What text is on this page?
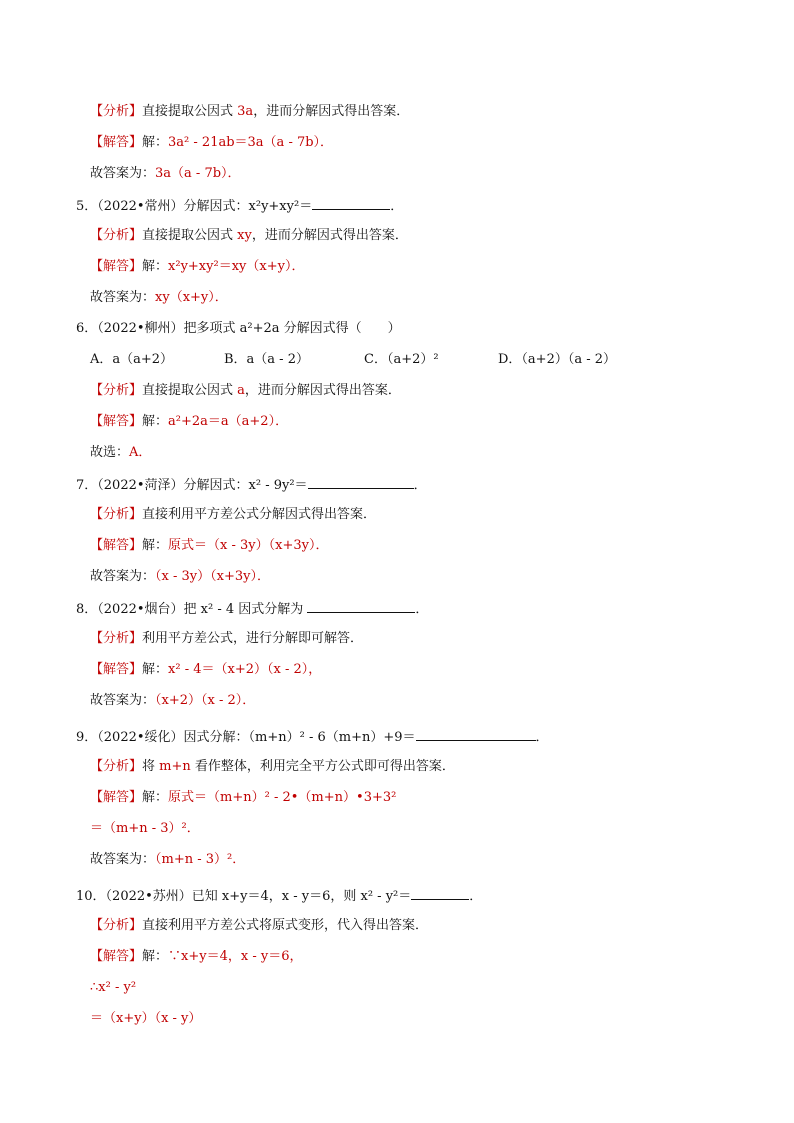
【分析】直接提取公因式 3a，进而分解因式得出答案．
【解答】解：3a² - 21ab＝3a（a - 7b）．
故答案为：3a（a - 7b）．
5．（2022•常州）分解因式：x²y+xy²＝	．
【分析】直接提取公因式 xy，进而分解因式得出答案．
【解答】解：x²y+xy²＝xy（x+y）．
故答案为：xy（x+y）．
6．（2022•柳州）把多项式 a²+2a 分解因式得（　　）
【分析】直接提取公因式 a，进而分解因式得出答案．
【解答】解：a²+2a＝a（a+2）．
故选：A．
7．（2022•菏泽）分解因式：x² - 9y²＝	．
【分析】直接利用平方差公式分解因式得出答案．
【解答】解：原式＝（x - 3y）（x+3y）．
故答案为：（x - 3y）（x+3y）．
8．（2022•烟台）把 x² - 4 因式分解为	．
【分析】利用平方差公式，进行分解即可解答．
【解答】解：x² - 4＝（x+2）（x - 2），
故答案为：（x+2）（x - 2）．
9．（2022•绥化）因式分解：（m+n）² - 6（m+n）+9＝	．
【分析】将 m+n 看作整体，利用完全平方公式即可得出答案．
【解答】解：原式＝（m+n）² - 2•（m+n）•3+3²
＝（m+n - 3）²．
故答案为：（m+n - 3）²．
10．（2022•苏州）已知 x+y＝4，x - y＝6，则 x² - y²＝	．
【分析】直接利用平方差公式将原式变形，代入得出答案．
【解答】解：∵x+y＝4，x - y＝6，
∴x² - y²
＝（x+y）（x - y）
A．a（a+2）	B．a（a - 2）	C．（a+2）²	D．（a+2）（a - 2）
